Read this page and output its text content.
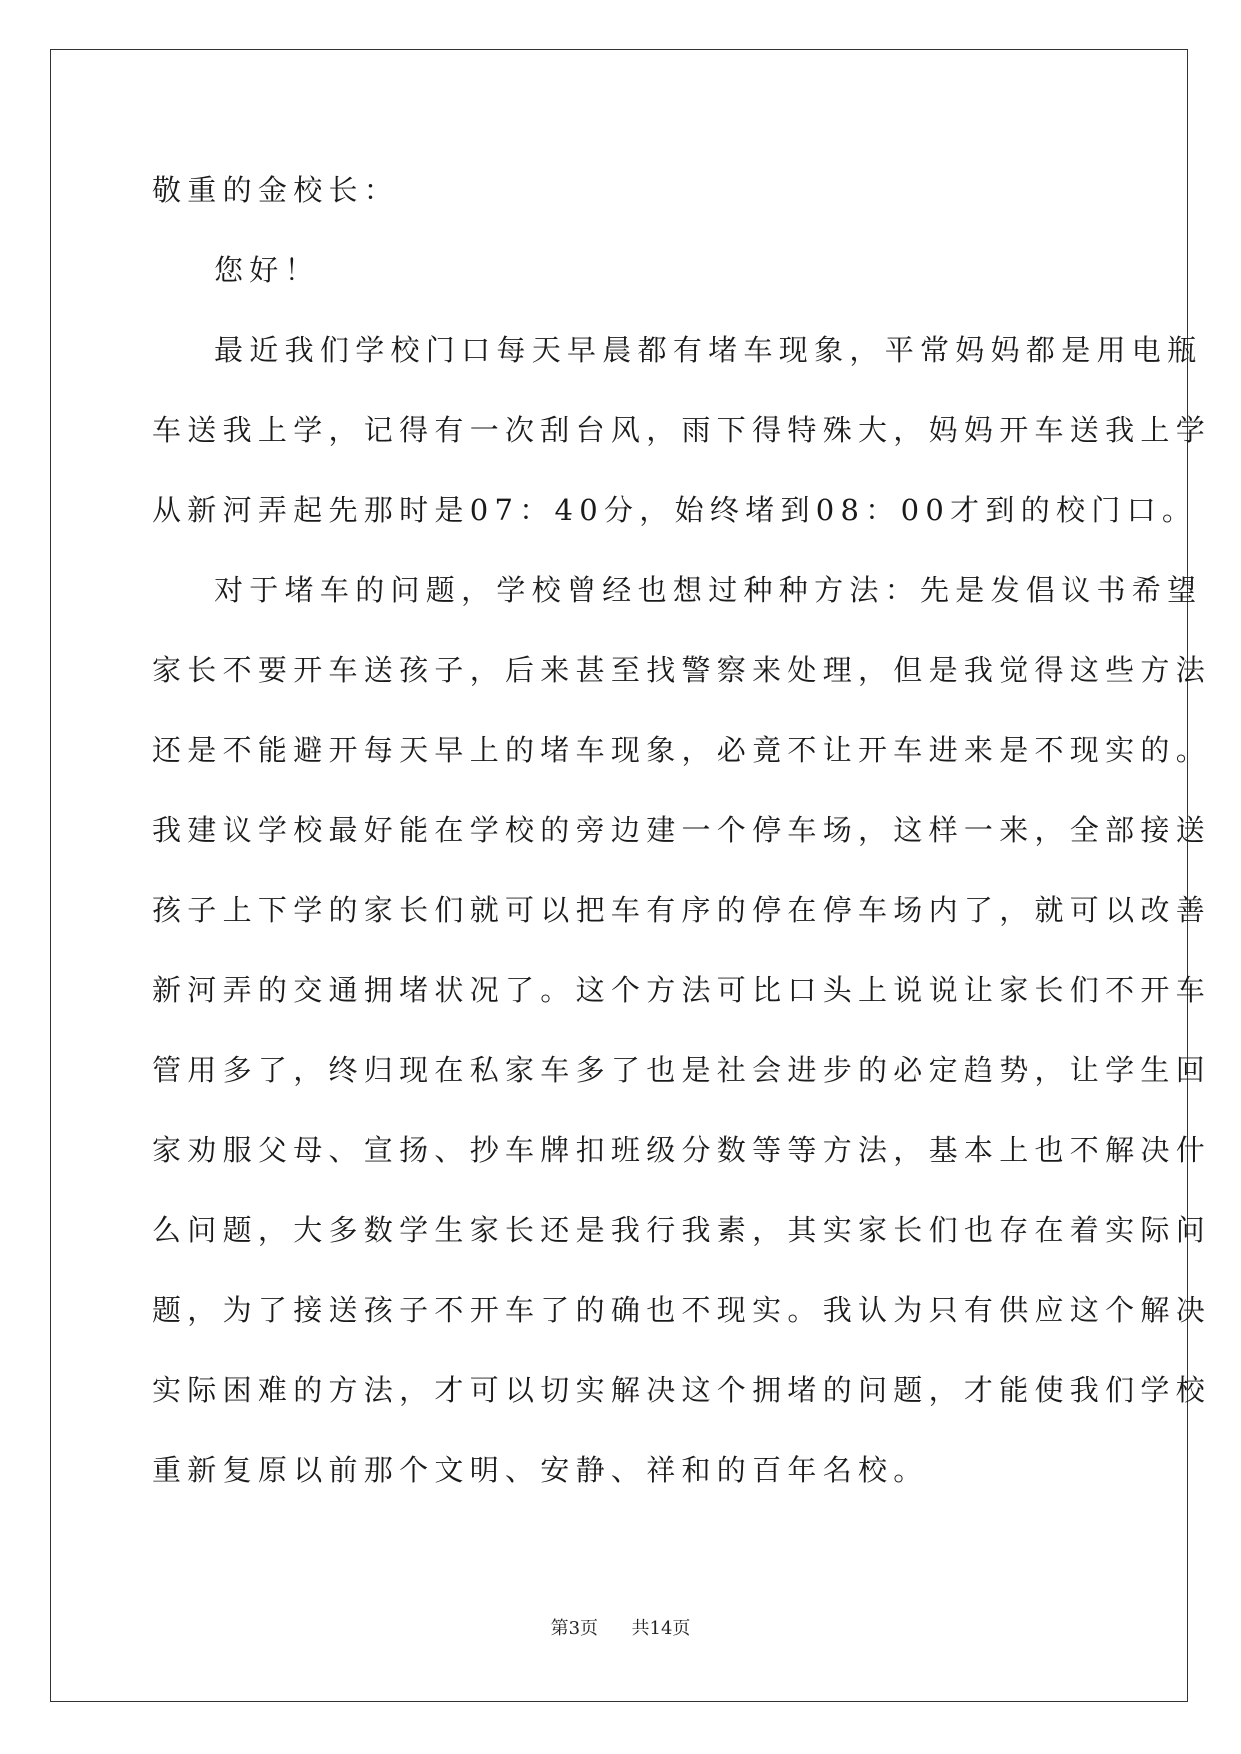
敬重的金校长：
您好！
最近我们学校门口每天早晨都有堵车现象，平常妈妈都是用电瓶
车送我上学，记得有一次刮台风，雨下得特殊大，妈妈开车送我上学
从新河弄起先那时是07：40分，始终堵到08：00才到的校门口。
对于堵车的问题，学校曾经也想过种种方法：先是发倡议书希望
家长不要开车送孩子，后来甚至找警察来处理，但是我觉得这些方法
还是不能避开每天早上的堵车现象，必竟不让开车进来是不现实的。
我建议学校最好能在学校的旁边建一个停车场，这样一来，全部接送
孩子上下学的家长们就可以把车有序的停在停车场内了，就可以改善
新河弄的交通拥堵状况了。这个方法可比口头上说说让家长们不开车
管用多了，终归现在私家车多了也是社会进步的必定趋势，让学生回
家劝服父母、宣扬、抄车牌扣班级分数等等方法，基本上也不解决什
么问题，大多数学生家长还是我行我素，其实家长们也存在着实际问
题，为了接送孩子不开车了的确也不现实。我认为只有供应这个解决
实际困难的方法，才可以切实解决这个拥堵的问题，才能使我们学校
重新复原以前那个文明、安静、祥和的百年名校。
第3页 共14页
